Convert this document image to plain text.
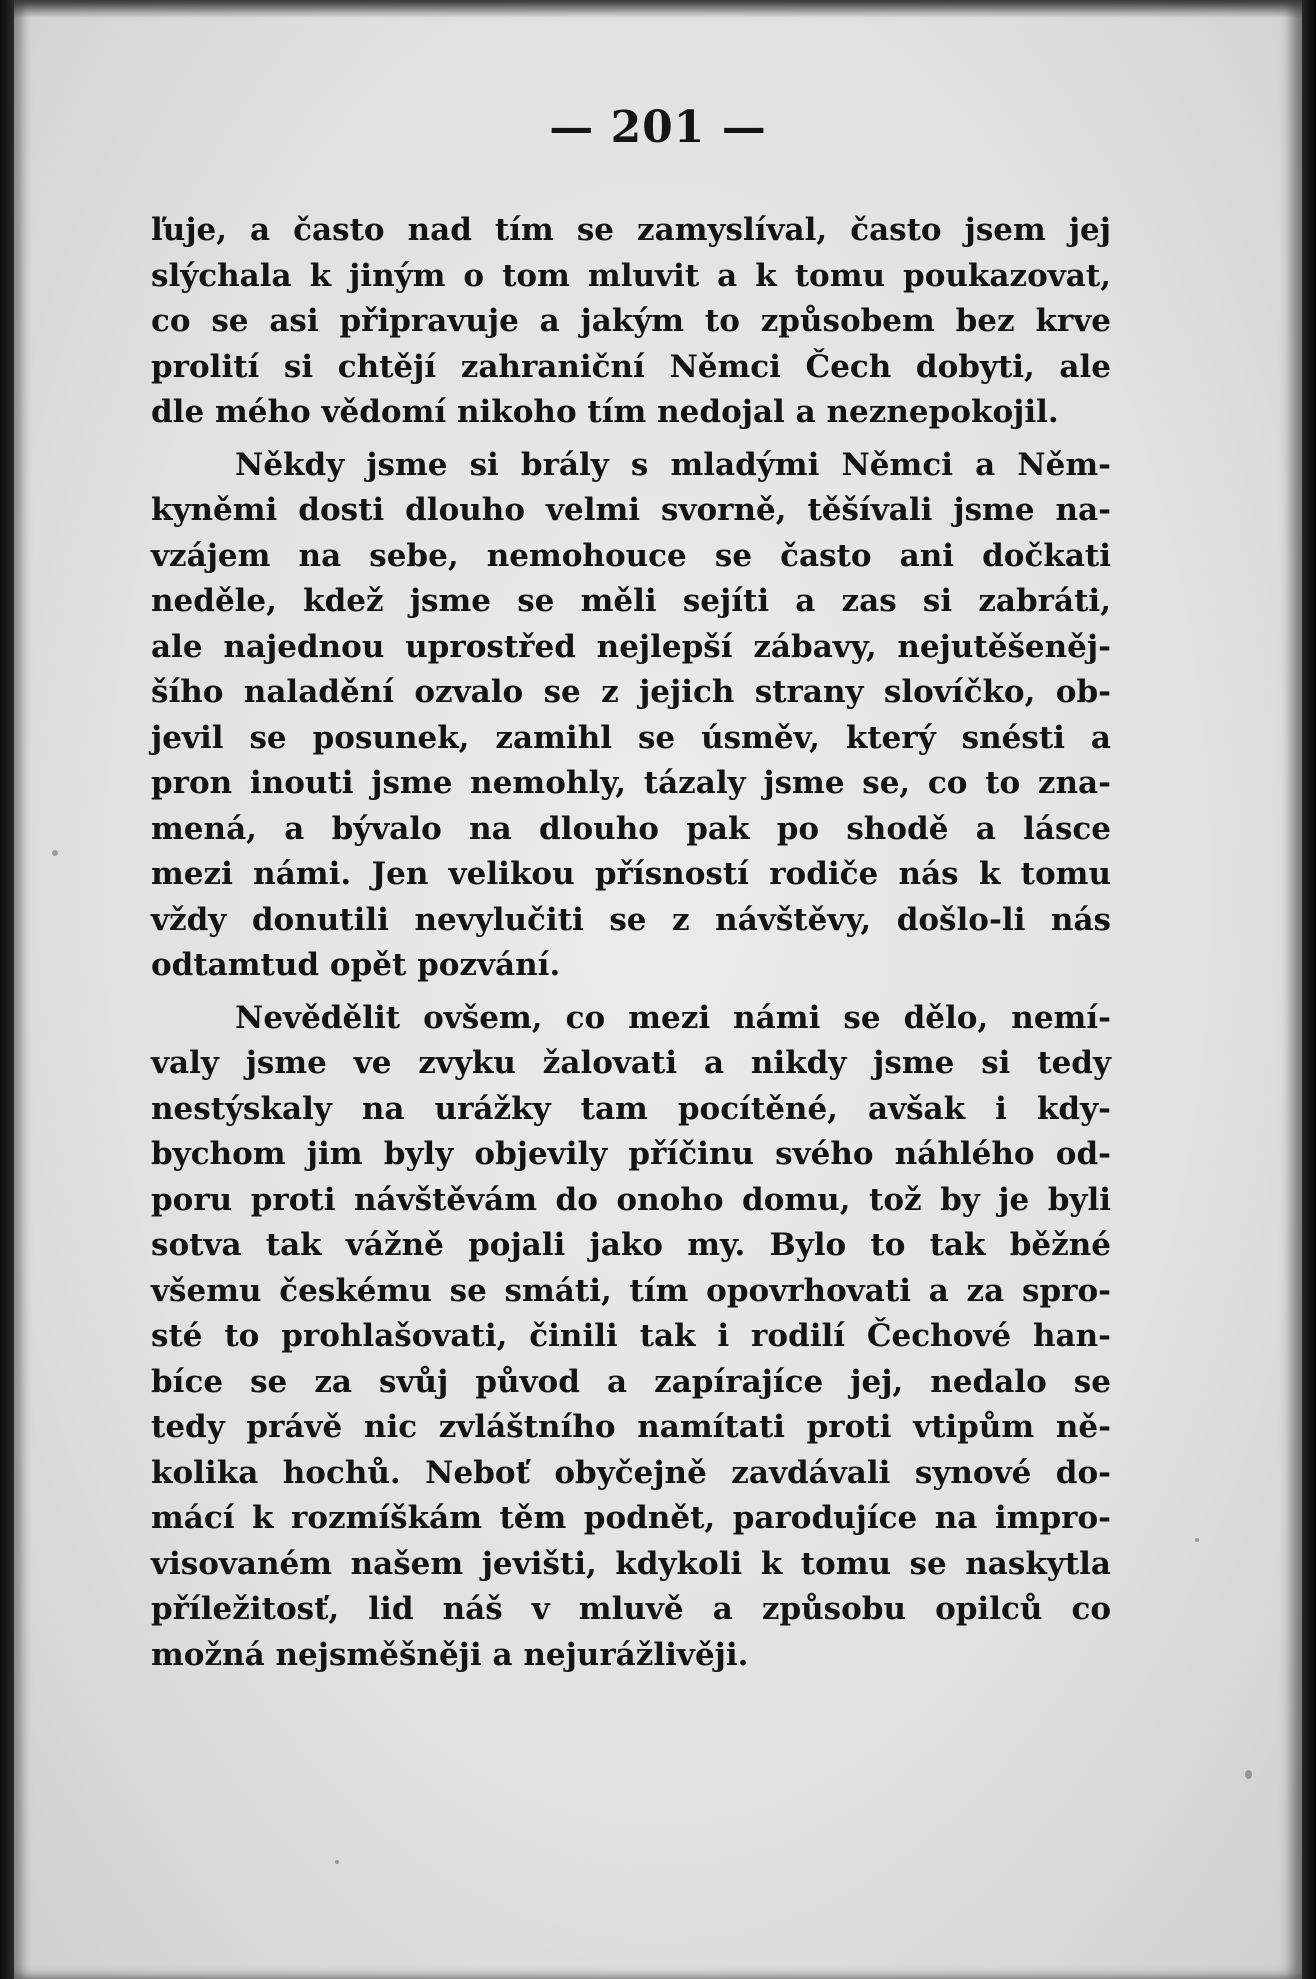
— 201 —
ľuje, a často nad tím se zamyslíval, často jsem jej
slýchala k jiným o tom mluvit a k tomu poukazovat,
co se asi připravuje a jakým to způsobem bez krve
prolití si chtějí zahraniční Němci Čech dobyti, ale
dle mého vědomí nikoho tím nedojal a neznepokojil.
Někdy jsme si brály s mladými Němci a Něm-
kyněmi dosti dlouho velmi svorně, těšívali jsme na-
vzájem na sebe, nemohouce se často ani dočkati
neděle, kdež jsme se měli sejíti a zas si zabráti,
ale najednou uprostřed nejlepší zábavy, nejutěšeněj-
šího naladění ozvalo se z jejich strany slovíčko, ob-
jevil se posunek, zamihl se úsměv, který snésti a
pron inouti jsme nemohly, tázaly jsme se, co to zna-
mená, a bývalo na dlouho pak po shodě a lásce
mezi námi. Jen velikou přísností rodiče nás k tomu
vždy donutili nevylučiti se z návštěvy, došlo-li nás
odtamtud opět pozvání.
Nevědělit ovšem, co mezi námi se dělo, nemí-
valy jsme ve zvyku žalovati a nikdy jsme si tedy
nestýskaly na urážky tam pocítěné, avšak i kdy-
bychom jim byly objevily příčinu svého náhlého od-
poru proti návštěvám do onoho domu, tož by je byli
sotva tak vážně pojali jako my. Bylo to tak běžné
všemu českému se smáti, tím opovrhovati a za spro-
sté to prohlašovati, činili tak i rodilí Čechové han-
bíce se za svůj původ a zapírajíce jej, nedalo se
tedy právě nic zvláštního namítati proti vtipům ně-
kolika hochů. Neboť obyčejně zavdávali synové do-
mácí k rozmíškám těm podnět, parodujíce na impro-
visovaném našem jevišti, kdykoli k tomu se naskytla
příležitosť, lid náš v mluvě a způsobu opilců co
možná nejsměšněji a nejurážlivěji.
